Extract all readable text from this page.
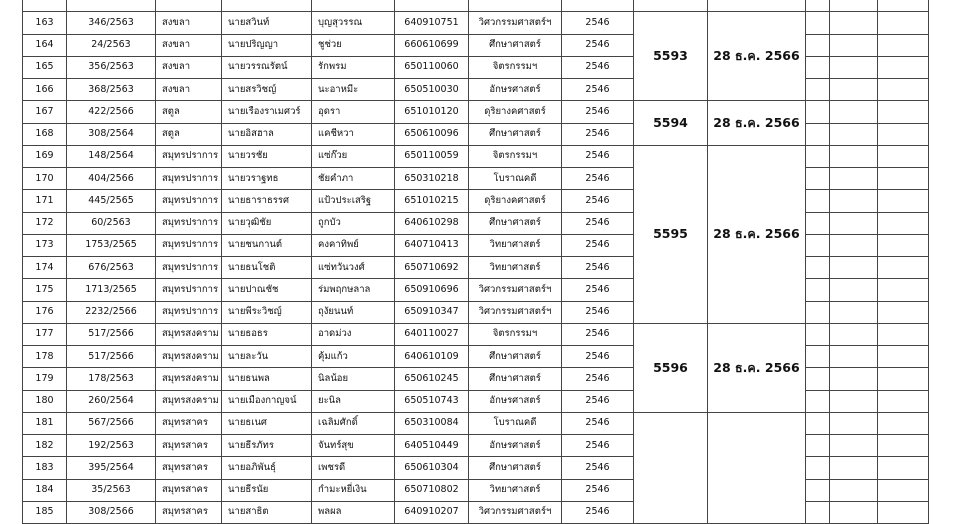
163	346/2563	สงขลา	นายสวินท์	บุญสุวรรณ	640910751	วิศวกรรมศาสตร์ฯ	2546	5593	28 ธ.ค. 2566				
164	24/2563	สงขลา	นายปริญญา	ชูช่วย	660610699	ศึกษาศาสตร์	2546				
165	356/2563	สงขลา	นายวรรณรัตน์	รักพรม	650110060	จิตรกรรมฯ	2546				
166	368/2563	สงขลา	นายสรวิชญ์	นะอาหมีะ	650510030	อักษรศาสตร์	2546				
167	422/2566	สตูล	นายเรืองราเมศวร์	อุดรา	651010120	ดุริยางคศาสตร์	2546	5594	28 ธ.ค. 2566				
168	308/2564	สตูล	นายอิสฮาล	แคชีหวา	650610096	ศึกษาศาสตร์	2546				
169	148/2564	สมุทรปราการ	นายวรชัย	แซ่ก๊วย	650110059	จิตรกรรมฯ	2546	5595	28 ธ.ค. 2566				
170	404/2566	สมุทรปราการ	นายวราฐทธ	ชัยคำภา	650310218	โบราณคดี	2546				
171	445/2565	สมุทรปราการ	นายธาราธรรศ	แป้วประเสริฐ	651010215	ดุริยางคศาสตร์	2546				
172	60/2563	สมุทรปราการ	นายวุฒิชัย	ถูกบัว	640610298	ศึกษาศาสตร์	2546				
173	1753/2565	สมุทรปราการ	นายชนกานต์	คงคาทิพย์	640710413	วิทยาศาสตร์	2546				
174	676/2563	สมุทรปราการ	นายธนโชติ	แซ่ทวันวงศ์	650710692	วิทยาศาสตร์	2546				
175	1713/2565	สมุทรปราการ	นายปาณชัช	ร่มพฤกษลาล	650910696	วิศวกรรมศาสตร์ฯ	2546				
176	2232/2566	สมุทรปราการ	นายพีระวิชญ์	ถุงัยนนท์	650910347	วิศวกรรมศาสตร์ฯ	2546				
177	517/2566	สมุทรสงคราม	นายธอธร	อาดม่วง	640110027	จิตรกรรมฯ	2546	5596	28 ธ.ค. 2566				
178	517/2566	สมุทรสงคราม	นายละวัน	คุ้มแก้ว	640610109	ศึกษาศาสตร์	2546				
179	178/2563	สมุทรสงคราม	นายธนพล	นิลน้อย	650610245	ศึกษาศาสตร์	2546				
180	260/2564	สมุทรสงคราม	นายเมืองกาญจน์	ยะนิล	650510743	อักษรศาสตร์	2546				
181	567/2566	สมุทรสาคร	นายธเนศ	เฉลิมศักดิ์	650310084	โบราณคดี	2546						
182	192/2563	สมุทรสาคร	นายธีรภัทร	จันทร์สุข	640510449	อักษรศาสตร์	2546				
183	395/2564	สมุทรสาคร	นายอภิพันธุ์	เพชรดี	650610304	ศึกษาศาสตร์	2546				
184	35/2563	สมุทรสาคร	นายธีรนัย	กำมะหยี่เงิน	650710802	วิทยาศาสตร์	2546				
185	308/2566	สมุทรสาคร	นายสาธิต	พลผล	640910207	วิศวกรรมศาสตร์ฯ	2546				
